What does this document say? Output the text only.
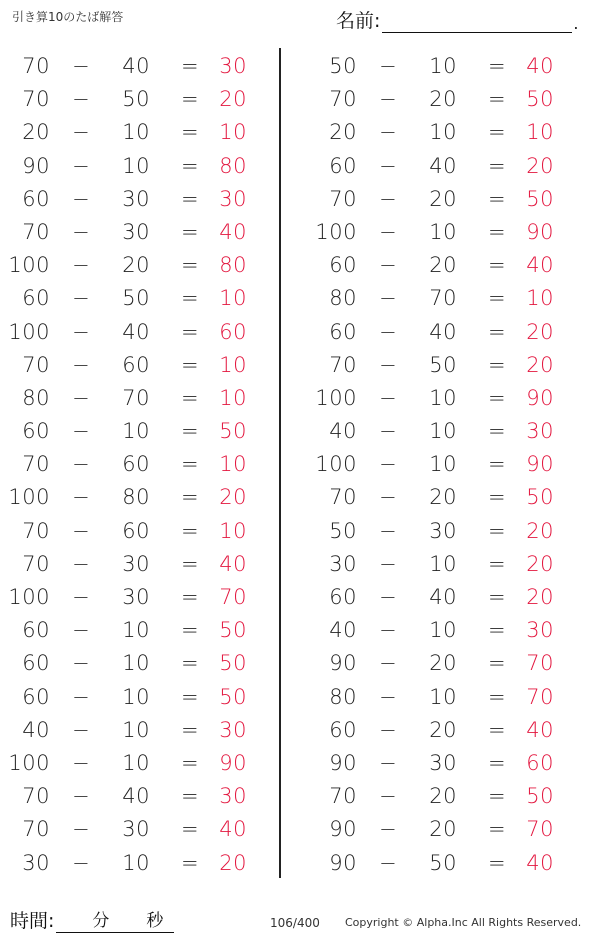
引き算10のたば解答	名前:	.
70 −	40 = 30
70 −	50 = 20
20 −	10 = 10
90 −	10 = 80
60 −	30 = 30
70 −	30 = 40
100 −	20 = 80
60 −	50 = 10
100 −	40 = 60
70 −	60 = 10
80 −	70 = 10
60 −	10 = 50
70 −	60 = 10
100 −	80 = 20
70 −	60 = 10
70 −	30 = 40
100 −	30 = 70
60 −	10 = 50
60 −	10 = 50
60 −	10 = 50
40 −	10 = 30
100 −	10 = 90
70 −	40 = 30
70 −	30 = 40
30 −	10 = 20
50 −	10 = 40
70 −	20 = 50
20 −	10 = 10
60 −	40 = 20
70 −	20 = 50
100 −	10 = 90
60 −	20 = 40
80 −	70 = 10
60 −	40 = 20
70 −	50 = 20
100 −	10 = 90
40 −	10 = 30
100 −	10 = 90
70 −	20 = 50
50 −	30 = 20
30 −	10 = 20
60 −	40 = 20
40 −	10 = 30
90 −	20 = 70
80 −	10 = 70
60 −	20 = 40
90 −	30 = 60
70 −	20 = 50
90 −	20 = 70
90 −	50 = 40
時間: 分 秒	106/400 Copyright © Alpha.Inc All Rights Reserved.
